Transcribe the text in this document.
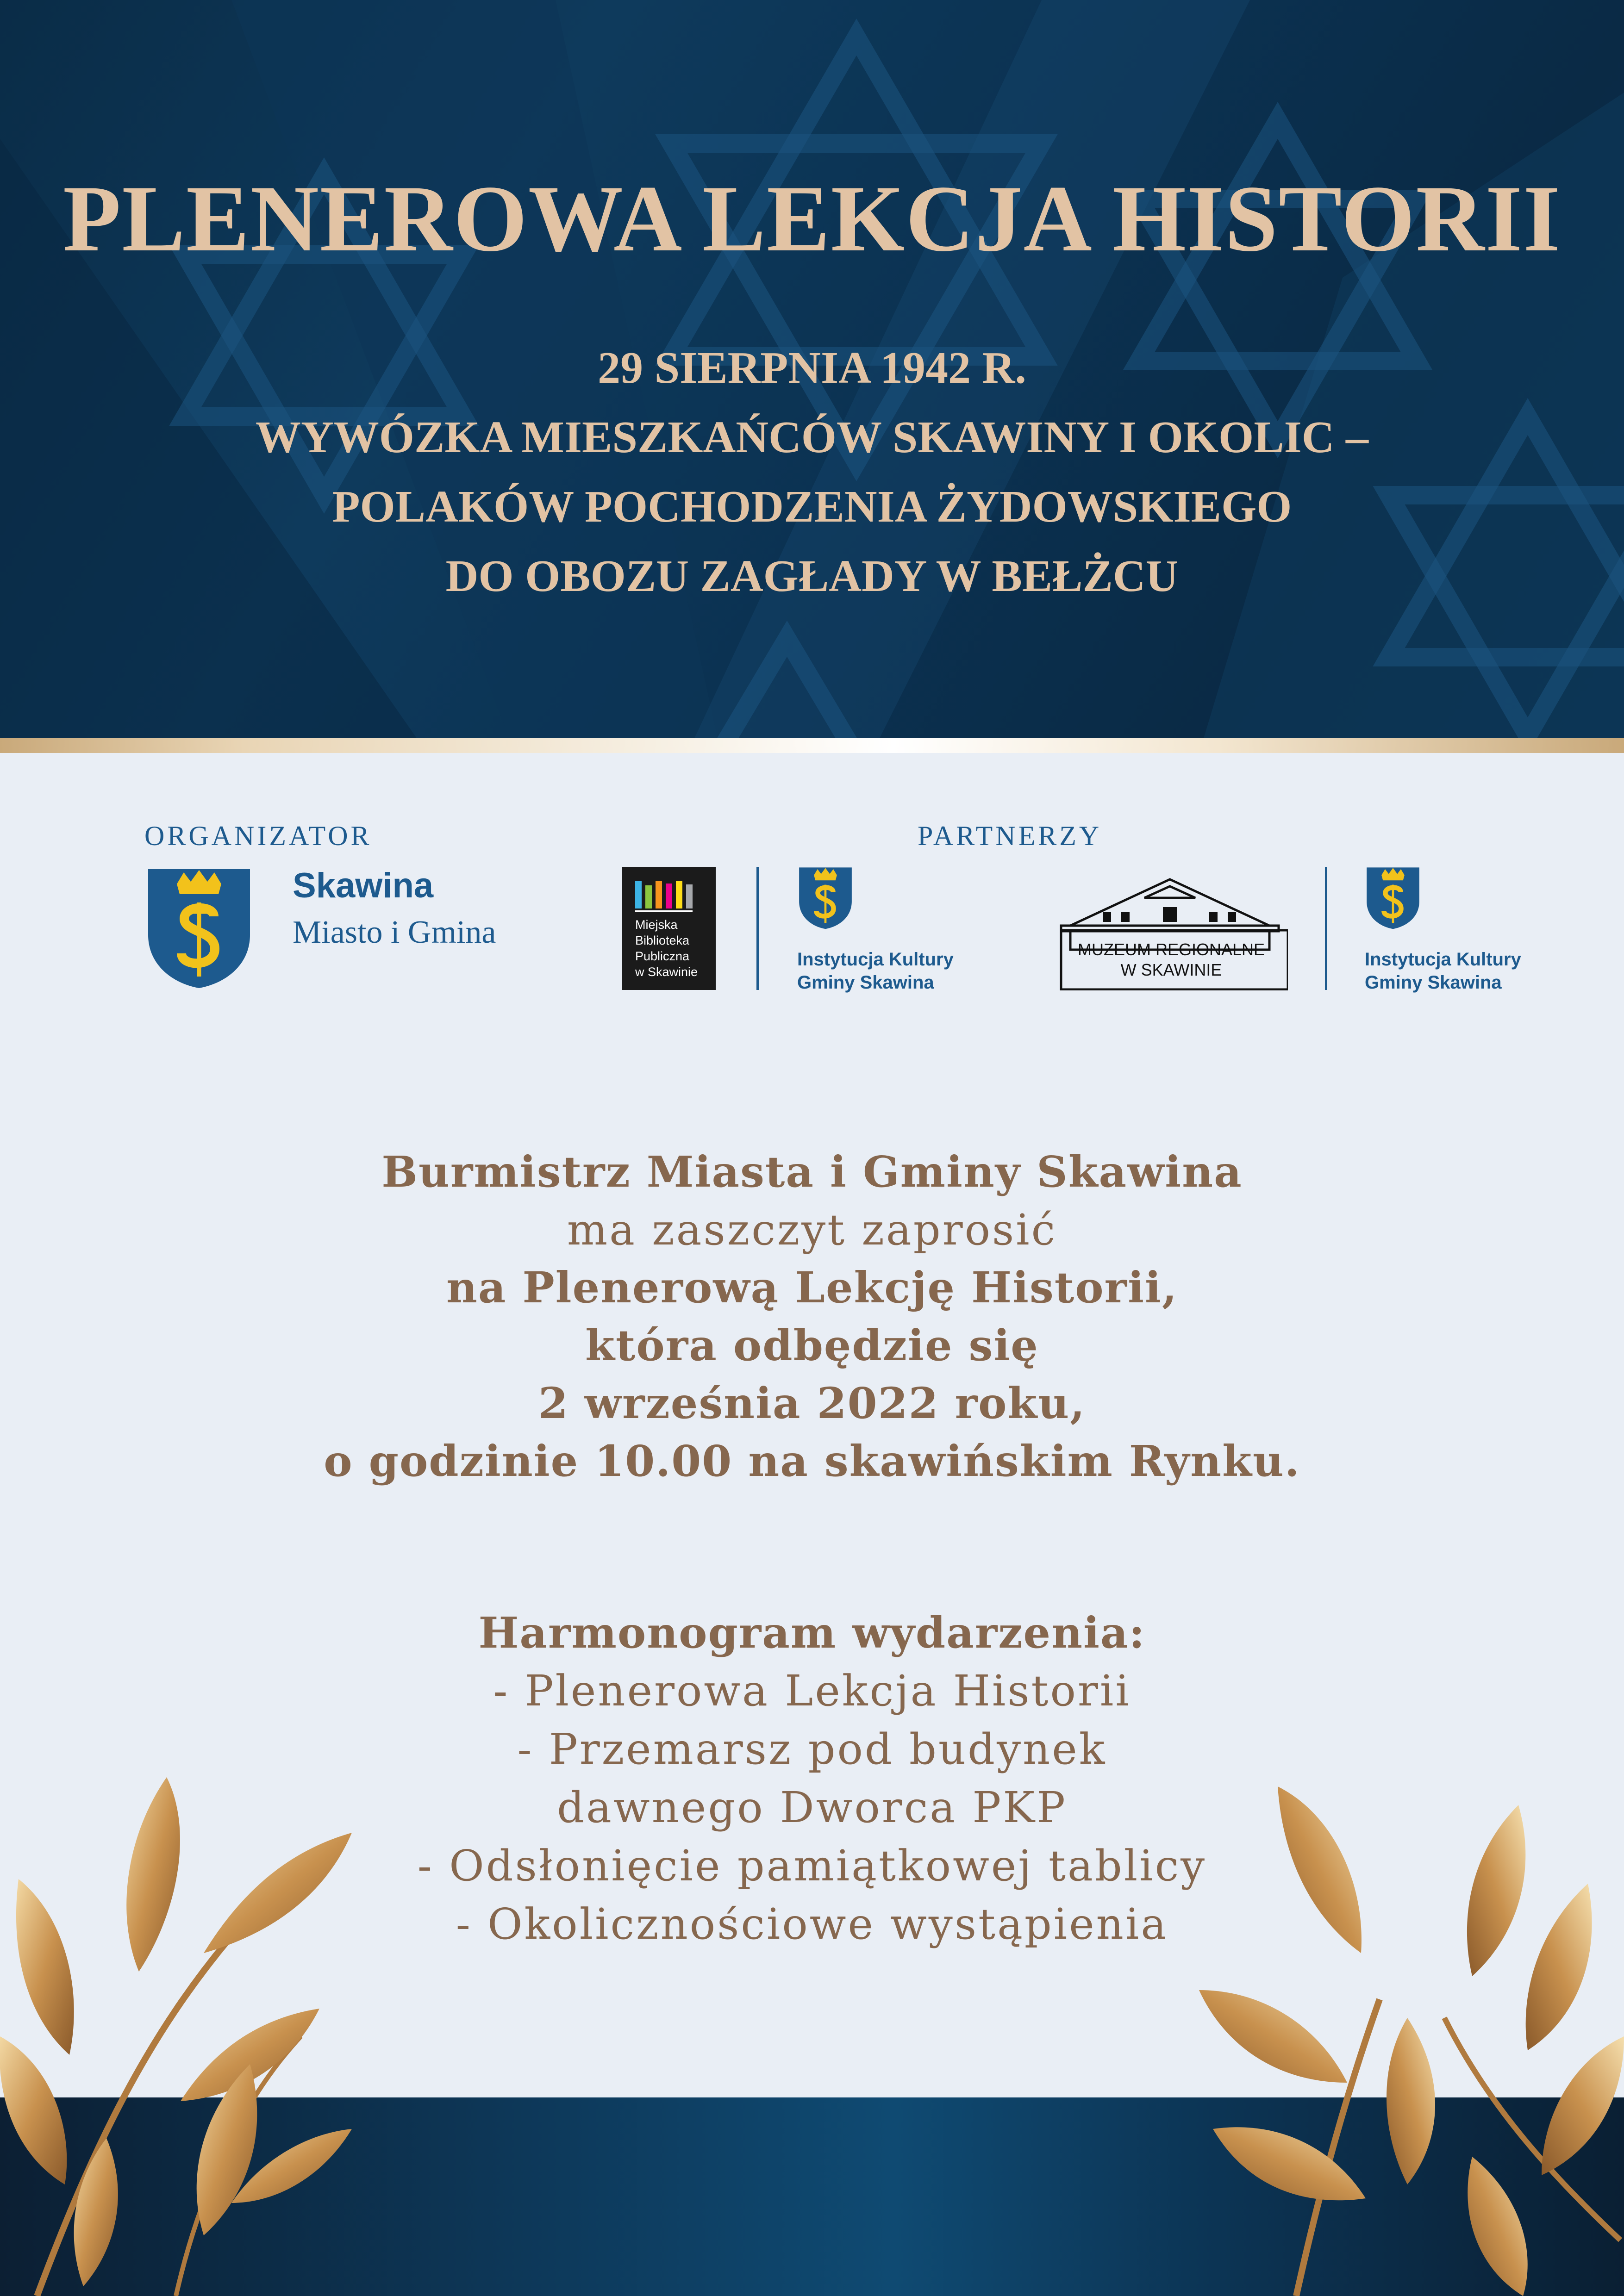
PLENEROWA LEKCJA HISTORII
29 SIERPNIA 1942 R.
WYWÓZKA MIESZKAŃCÓW SKAWINY I OKOLIC –
POLAKÓW POCHODZENIA ŻYDOWSKIEGO
DO OBOZU ZAGŁADY W BEŁŻCU
ORGANIZATOR	PARTNERZY
Skawina
Miasto i Gmina	Miejska
Biblioteka
Publiczna
w Skawinie
Instytucja Kultury
Gminy Skawina
MUZEUM REGIONALNE
W SKAWINIE
Instytucja Kultury
Gminy Skawina
Burmistrz Miasta i Gminy Skawina
ma zaszczyt zaprosić
na Plenerową Lekcję Historii,
która odbędzie się
2 września 2022 roku,
o godzinie 10.00 na skawińskim Rynku.
Harmonogram wydarzenia:
- Plenerowa Lekcja Historii
- Przemarsz pod budynek
dawnego Dworca PKP
- Odsłonięcie pamiątkowej tablicy
- Okolicznościowe wystąpienia
